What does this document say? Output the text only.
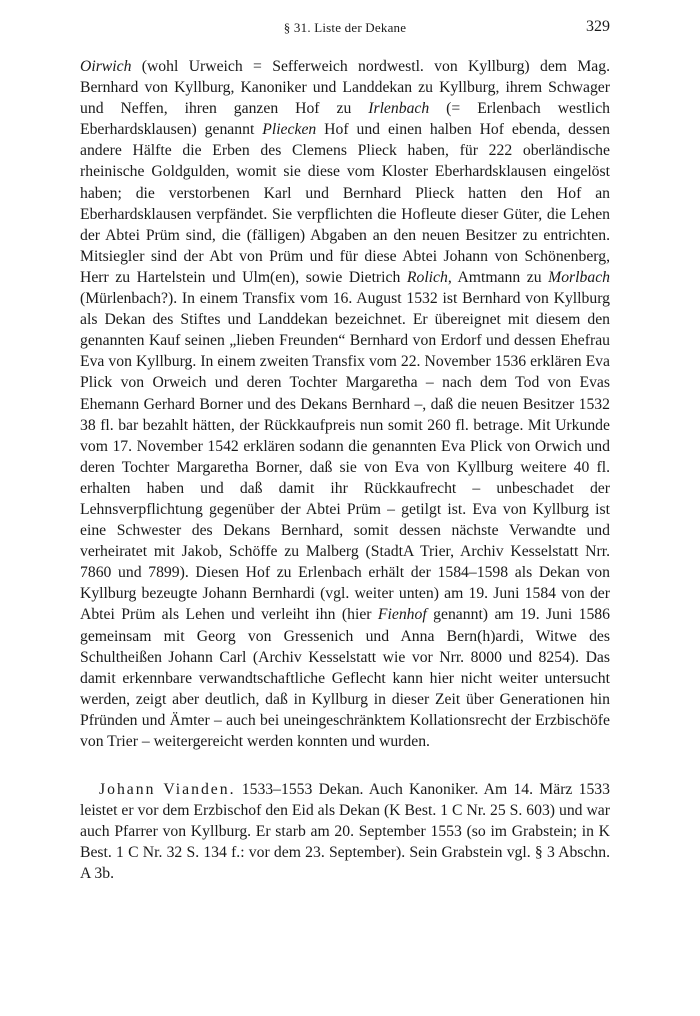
§ 31. Liste der Dekane	329

Oirwich (wohl Urweich = Sefferweich nordwestl. von Kyllburg) dem Mag. Bernhard von Kyllburg, Kanoniker und Landdekan zu Kyllburg, ihrem Schwager und Neffen, ihren ganzen Hof zu Irlenbach (= Erlenbach westlich Eberhardsklausen) genannt Pliecken Hof und einen halben Hof ebenda, dessen andere Hälfte die Erben des Clemens Plieck haben, für 222 oberländische rheinische Goldgulden, womit sie diese vom Kloster Eberhardsklausen eingelöst haben; die verstorbenen Karl und Bernhard Plieck hatten den Hof an Eberhardsklausen verpfändet. Sie verpflichten die Hofleute dieser Güter, die Lehen der Abtei Prüm sind, die (fälligen) Abgaben an den neuen Besitzer zu entrichten. Mitsiegler sind der Abt von Prüm und für diese Abtei Johann von Schönenberg, Herr zu Hartelstein und Ulm(en), sowie Dietrich Rolich, Amtmann zu Morlbach (Mürlenbach?). In einem Transfix vom 16. August 1532 ist Bernhard von Kyllburg als Dekan des Stiftes und Landdekan bezeichnet. Er übereignet mit diesem den genannten Kauf seinen „lieben Freunden“ Bernhard von Erdorf und dessen Ehefrau Eva von Kyllburg. In einem zweiten Transfix vom 22. November 1536 erklären Eva Plick von Orweich und deren Tochter Margaretha – nach dem Tod von Evas Ehemann Gerhard Borner und des Dekans Bernhard –, daß die neuen Besitzer 1532 38 fl. bar bezahlt hätten, der Rückkaufpreis nun somit 260 fl. betrage. Mit Urkunde vom 17. November 1542 erklären sodann die genannten Eva Plick von Orwich und deren Tochter Margaretha Borner, daß sie von Eva von Kyllburg weitere 40 fl. erhalten haben und daß damit ihr Rückkaufrecht – unbeschadet der Lehnsverpflichtung gegenüber der Abtei Prüm – getilgt ist. Eva von Kyllburg ist eine Schwester des Dekans Bernhard, somit dessen nächste Verwandte und verheiratet mit Jakob, Schöffe zu Malberg (StadtA Trier, Archiv Kesselstatt Nrr. 7860 und 7899). Diesen Hof zu Erlenbach erhält der 1584–1598 als Dekan von Kyllburg bezeugte Johann Bernhardi (vgl. weiter unten) am 19. Juni 1584 von der Abtei Prüm als Lehen und verleiht ihn (hier Fienhof genannt) am 19. Juni 1586 gemeinsam mit Georg von Gressenich und Anna Bern(h)ardi, Witwe des Schultheißen Johann Carl (Archiv Kesselstatt wie vor Nrr. 8000 und 8254). Das damit erkennbare verwandtschaftliche Geflecht kann hier nicht weiter untersucht werden, zeigt aber deutlich, daß in Kyllburg in dieser Zeit über Generationen hin Pfründen und Ämter – auch bei uneingeschränktem Kollationsrecht der Erzbischöfe von Trier – weitergereicht werden konnten und wurden.

Johann Vianden. 1533–1553 Dekan. Auch Kanoniker. Am 14. März 1533 leistet er vor dem Erzbischof den Eid als Dekan (K Best. 1 C Nr. 25 S. 603) und war auch Pfarrer von Kyllburg. Er starb am 20. September 1553 (so im Grabstein; in K Best. 1 C Nr. 32 S. 134 f.: vor dem 23. September). Sein Grabstein vgl. § 3 Abschn. A 3b.
